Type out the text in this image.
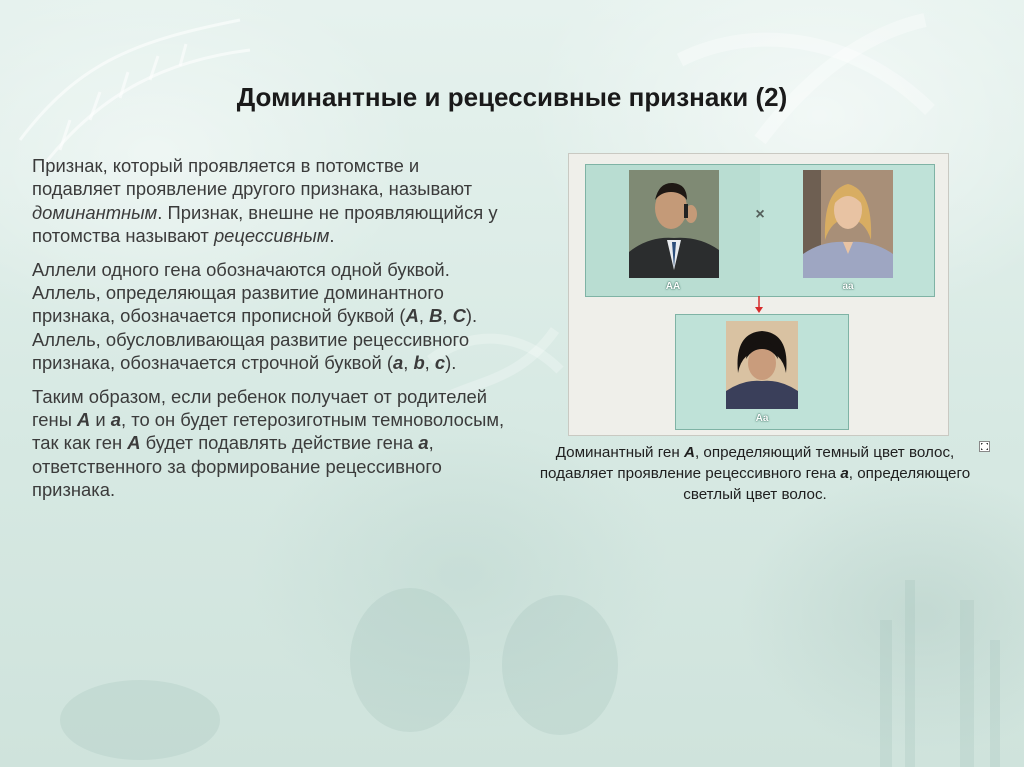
Доминантные и рецессивные признаки (2)

Признак, который проявляется в потомстве и подавляет проявление другого признака, называют доминантным. Признак, внешне не проявляющийся у потомства называют рецессивным.

Аллели одного гена обозначаются одной буквой. Аллель, определяющая развитие доминантного признака, обозначается прописной буквой (A, B, C). Аллель, обусловливающая развитие рецессивного признака, обозначается строчной буквой (a, b, c).

Таким образом, если ребенок получает от родителей гены A и a, то он будет гетерозиготным темноволосым, так как ген A будет подавлять действие гена a, ответственного за формирование рецессивного признака.

×
AA	aa
Aa
Доминантный ген A, определяющий темный цвет волос, подавляет проявление рецессивного гена a, определяющего светлый цвет волос.
